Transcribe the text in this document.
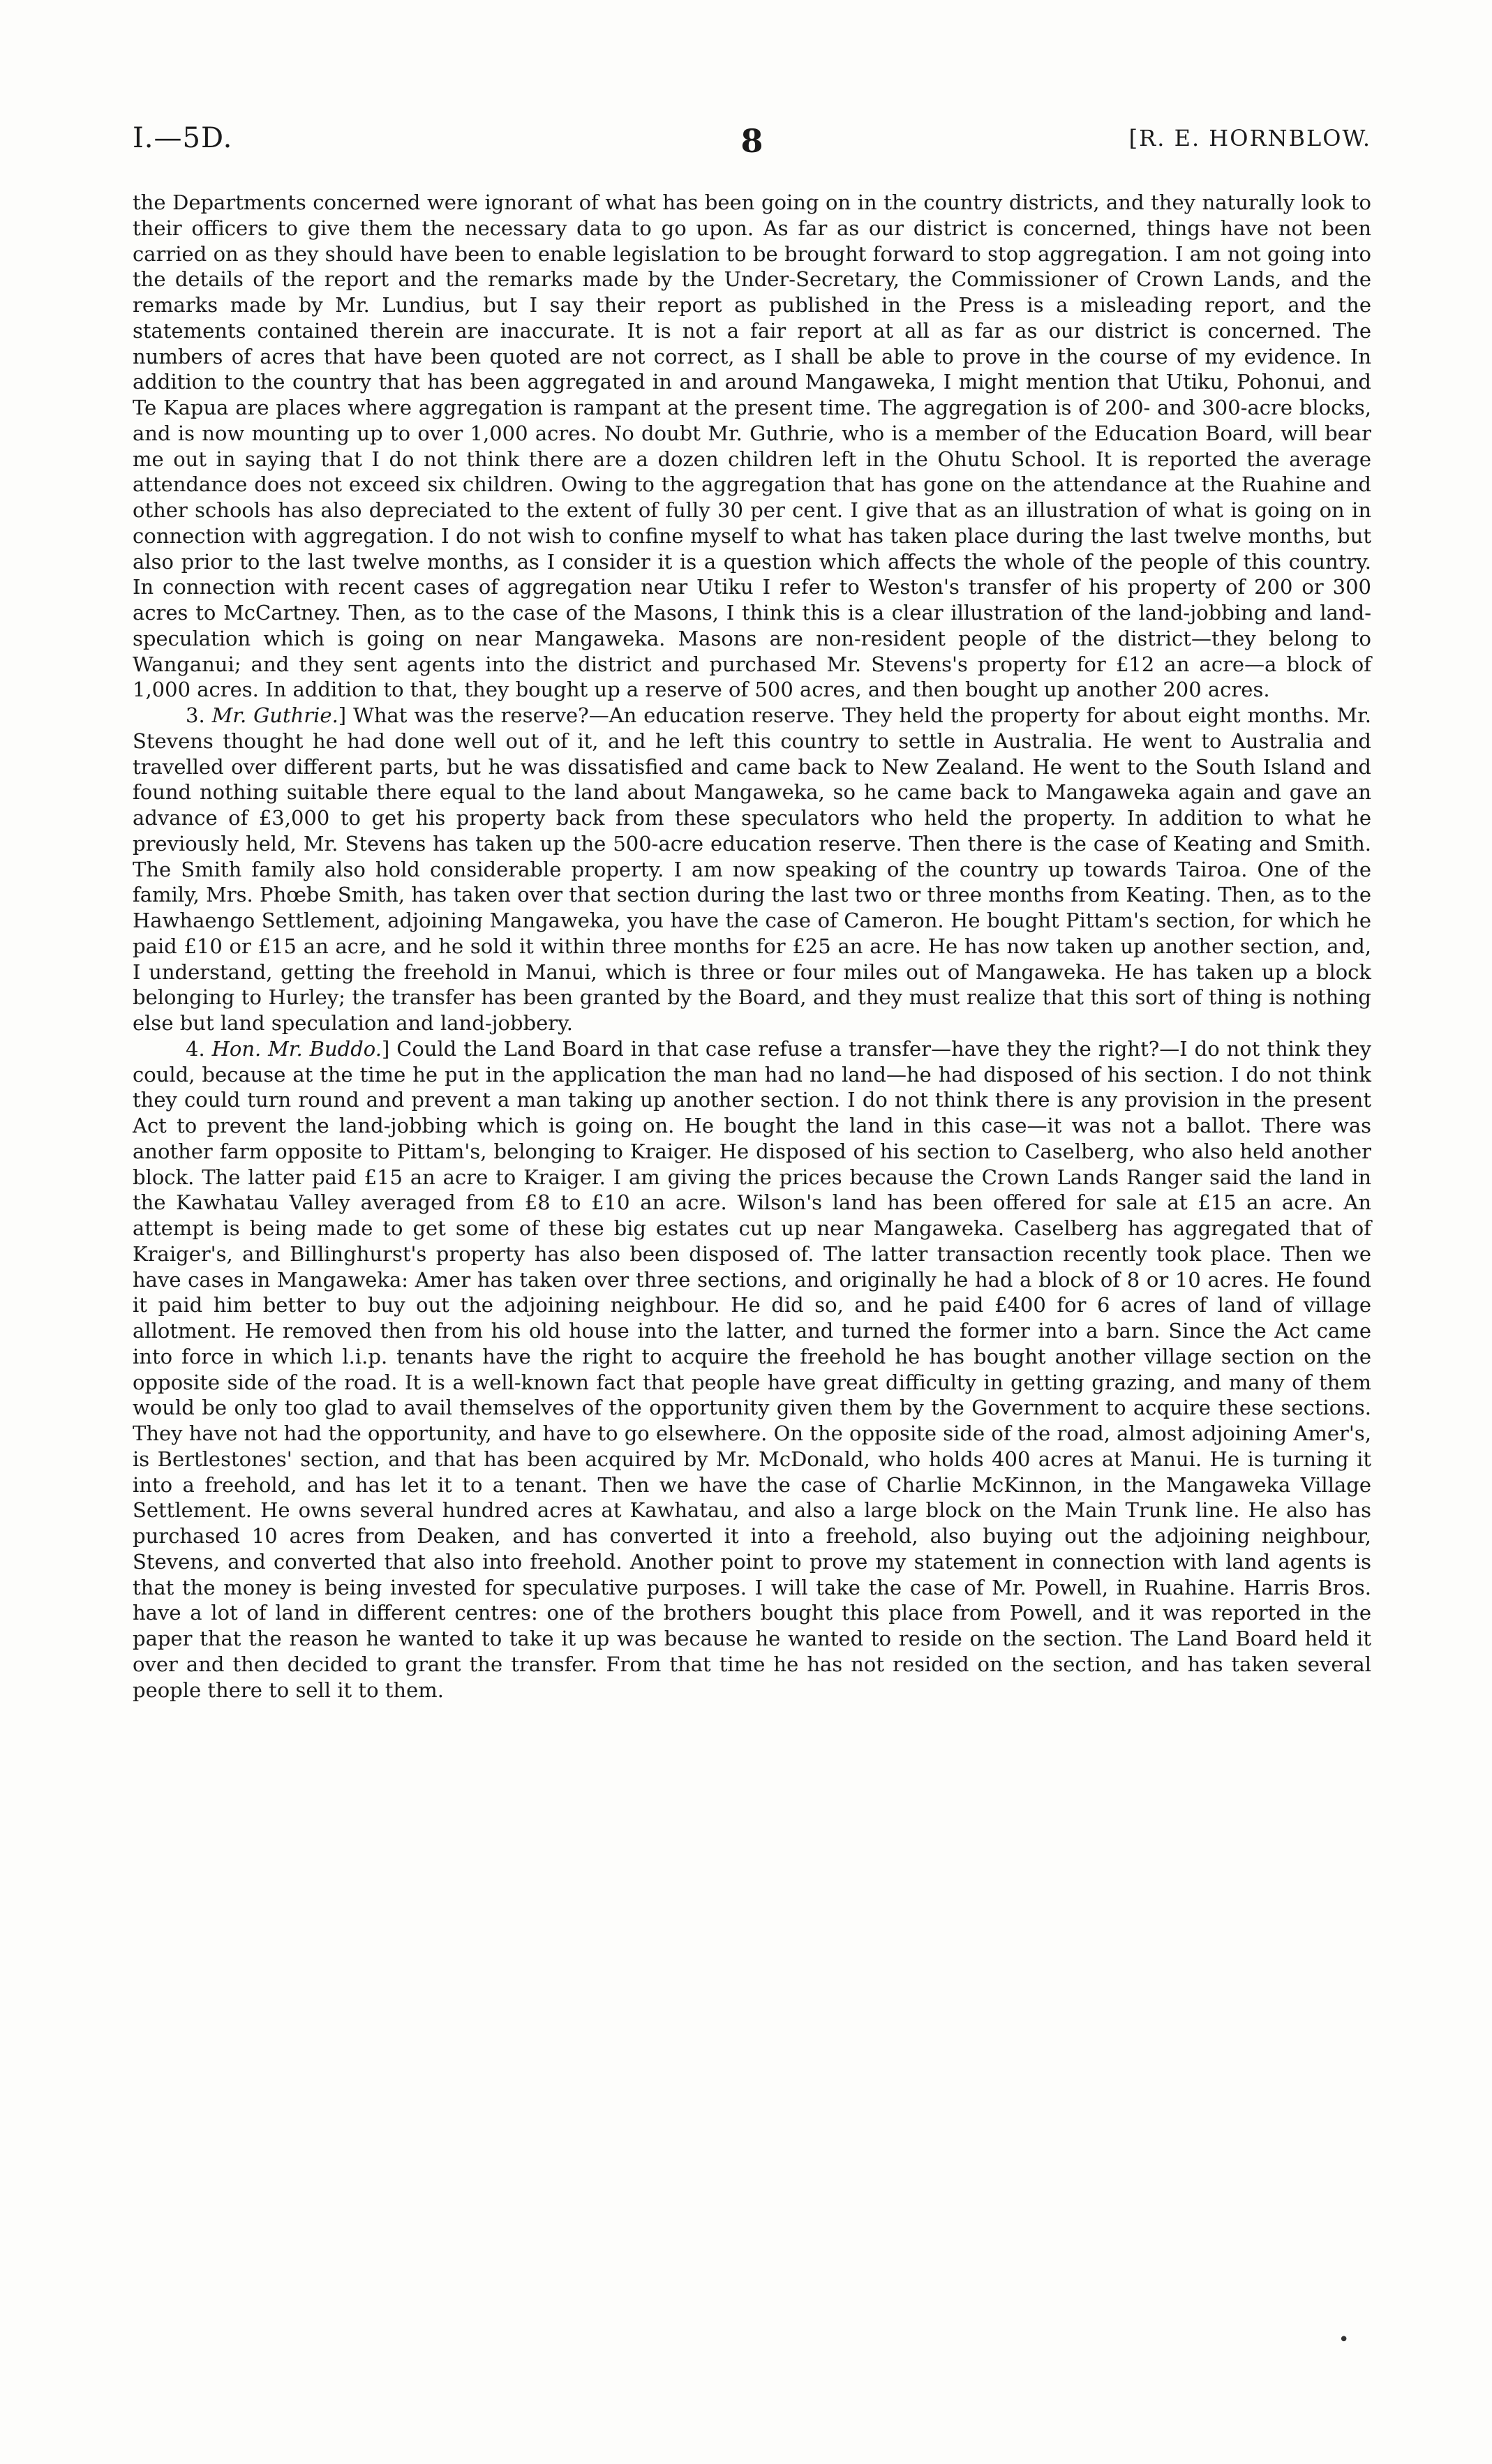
I.—5D.	8	[R. E. HORNBLOW.

the Departments concerned were ignorant of what has been going on in the country districts, and they naturally look to their officers to give them the necessary data to go upon. As far as our district is concerned, things have not been carried on as they should have been to enable legislation to be brought forward to stop aggregation. I am not going into the details of the report and the remarks made by the Under-Secretary, the Commissioner of Crown Lands, and the remarks made by Mr. Lundius, but I say their report as published in the Press is a misleading report, and the statements contained therein are inaccurate. It is not a fair report at all as far as our district is concerned. The numbers of acres that have been quoted are not correct, as I shall be able to prove in the course of my evidence. In addition to the country that has been aggregated in and around Mangaweka, I might mention that Utiku, Pohonui, and Te Kapua are places where aggregation is rampant at the present time. The aggregation is of 200- and 300-acre blocks, and is now mounting up to over 1,000 acres. No doubt Mr. Guthrie, who is a member of the Education Board, will bear me out in saying that I do not think there are a dozen children left in the Ohutu School. It is reported the average attendance does not exceed six children. Owing to the aggregation that has gone on the attendance at the Ruahine and other schools has also depreciated to the extent of fully 30 per cent. I give that as an illustration of what is going on in connection with aggregation. I do not wish to confine myself to what has taken place during the last twelve months, but also prior to the last twelve months, as I consider it is a question which affects the whole of the people of this country. In connection with recent cases of aggregation near Utiku I refer to Weston's transfer of his property of 200 or 300 acres to McCartney. Then, as to the case of the Masons, I think this is a clear illustration of the land-jobbing and land-speculation which is going on near Mangaweka. Masons are non-resident people of the district—they belong to Wanganui; and they sent agents into the district and purchased Mr. Stevens's property for £12 an acre—a block of 1,000 acres. In addition to that, they bought up a reserve of 500 acres, and then bought up another 200 acres.

3. Mr. Guthrie.] What was the reserve?—An education reserve. They held the property for about eight months. Mr. Stevens thought he had done well out of it, and he left this country to settle in Australia. He went to Australia and travelled over different parts, but he was dissatisfied and came back to New Zealand. He went to the South Island and found nothing suitable there equal to the land about Mangaweka, so he came back to Mangaweka again and gave an advance of £3,000 to get his property back from these speculators who held the property. In addition to what he previously held, Mr. Stevens has taken up the 500-acre education reserve. Then there is the case of Keating and Smith. The Smith family also hold considerable property. I am now speaking of the country up towards Tairoa. One of the family, Mrs. Phœbe Smith, has taken over that section during the last two or three months from Keating. Then, as to the Hawhaengo Settlement, adjoining Mangaweka, you have the case of Cameron. He bought Pittam's section, for which he paid £10 or £15 an acre, and he sold it within three months for £25 an acre. He has now taken up another section, and, I understand, getting the freehold in Manui, which is three or four miles out of Mangaweka. He has taken up a block belonging to Hurley; the transfer has been granted by the Board, and they must realize that this sort of thing is nothing else but land speculation and land-jobbery.

4. Hon. Mr. Buddo.] Could the Land Board in that case refuse a transfer—have they the right?—I do not think they could, because at the time he put in the application the man had no land—he had disposed of his section. I do not think they could turn round and prevent a man taking up another section. I do not think there is any provision in the present Act to prevent the land-jobbing which is going on. He bought the land in this case—it was not a ballot. There was another farm opposite to Pittam's, belonging to Kraiger. He disposed of his section to Caselberg, who also held another block. The latter paid £15 an acre to Kraiger. I am giving the prices because the Crown Lands Ranger said the land in the Kawhatau Valley averaged from £8 to £10 an acre. Wilson's land has been offered for sale at £15 an acre. An attempt is being made to get some of these big estates cut up near Mangaweka. Caselberg has aggregated that of Kraiger's, and Billinghurst's property has also been disposed of. The latter transaction recently took place. Then we have cases in Mangaweka: Amer has taken over three sections, and originally he had a block of 8 or 10 acres. He found it paid him better to buy out the adjoining neighbour. He did so, and he paid £400 for 6 acres of land of village allotment. He removed then from his old house into the latter, and turned the former into a barn. Since the Act came into force in which l.i.p. tenants have the right to acquire the freehold he has bought another village section on the opposite side of the road. It is a well-known fact that people have great difficulty in getting grazing, and many of them would be only too glad to avail themselves of the opportunity given them by the Government to acquire these sections. They have not had the opportunity, and have to go elsewhere. On the opposite side of the road, almost adjoining Amer's, is Bertlestones' section, and that has been acquired by Mr. McDonald, who holds 400 acres at Manui. He is turning it into a freehold, and has let it to a tenant. Then we have the case of Charlie McKinnon, in the Mangaweka Village Settlement. He owns several hundred acres at Kawhatau, and also a large block on the Main Trunk line. He also has purchased 10 acres from Deaken, and has converted it into a freehold, also buying out the adjoining neighbour, Stevens, and converted that also into freehold. Another point to prove my statement in connection with land agents is that the money is being invested for speculative purposes. I will take the case of Mr. Powell, in Ruahine. Harris Bros. have a lot of land in different centres: one of the brothers bought this place from Powell, and it was reported in the paper that the reason he wanted to take it up was because he wanted to reside on the section. The Land Board held it over and then decided to grant the transfer. From that time he has not resided on the section, and has taken several people there to sell it to them.

•
